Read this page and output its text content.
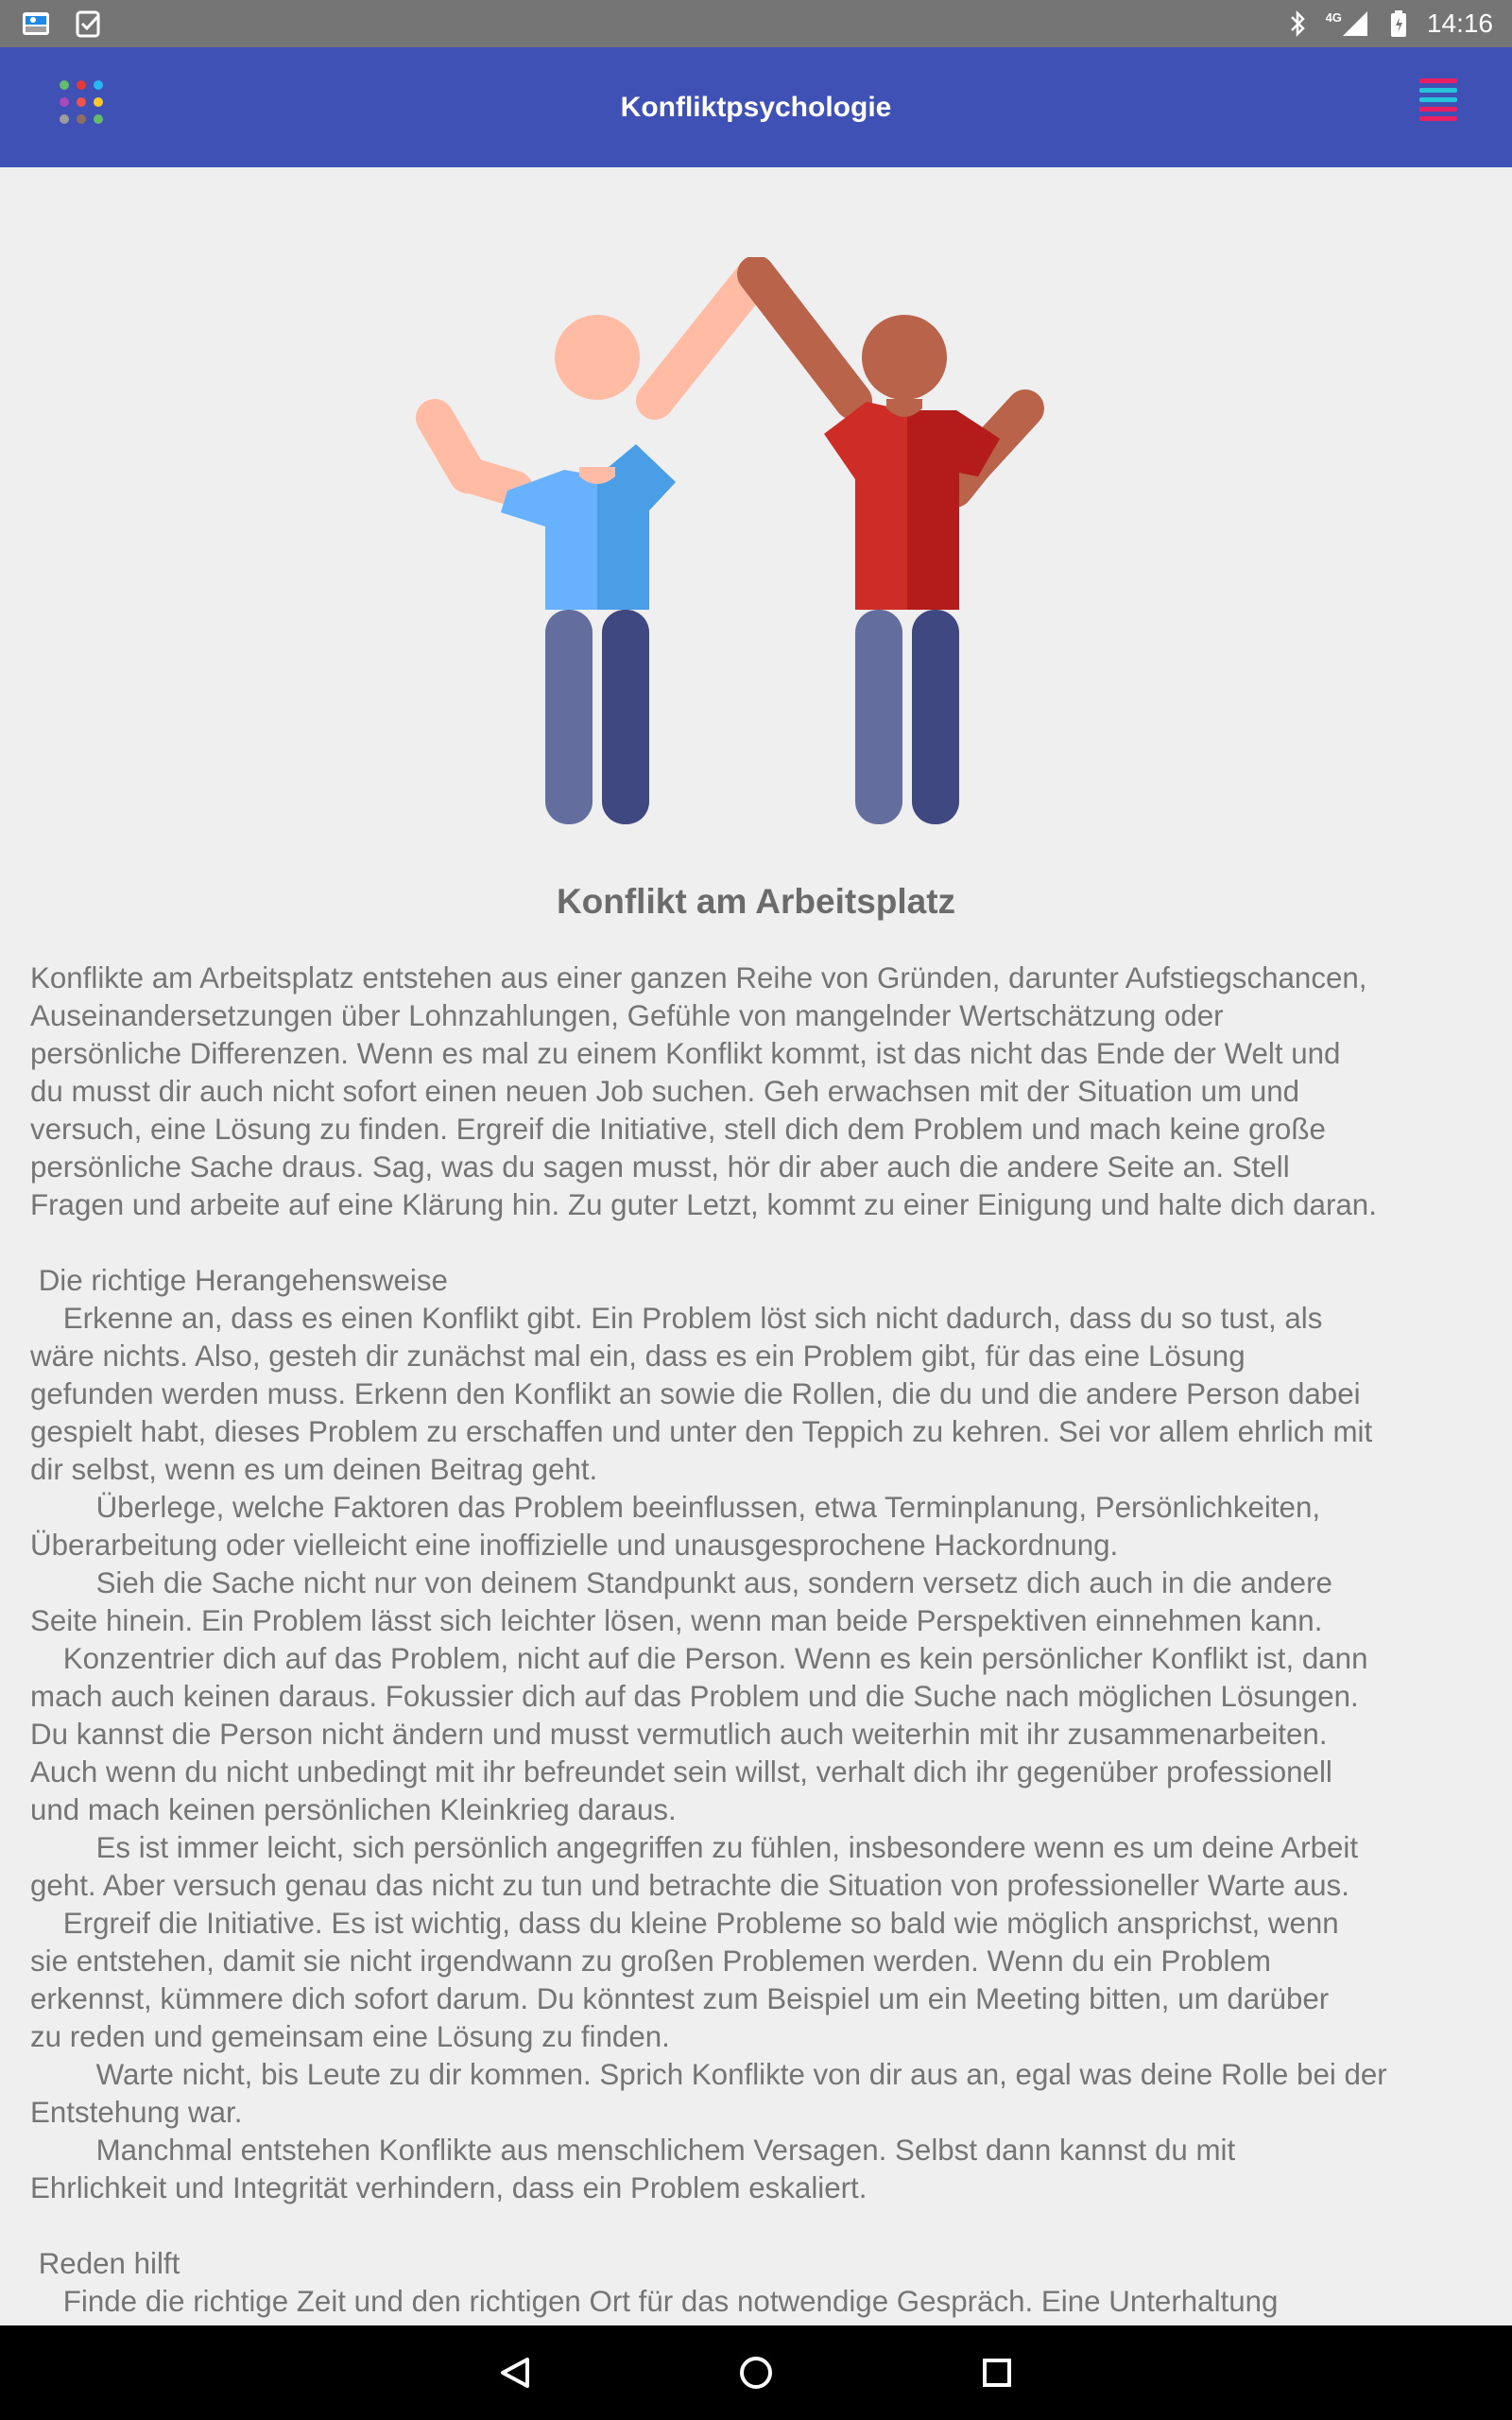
4G	14:16
Konfliktpsychologie
Konflikt am Arbeitsplatz
Konflikte am Arbeitsplatz entstehen aus einer ganzen Reihe von Gründen, darunter Aufstiegschancen,
Auseinandersetzungen über Lohnzahlungen, Gefühle von mangelnder Wertschätzung oder
persönliche Differenzen. Wenn es mal zu einem Konflikt kommt, ist das nicht das Ende der Welt und
du musst dir auch nicht sofort einen neuen Job suchen. Geh erwachsen mit der Situation um und
versuch, eine Lösung zu finden. Ergreif die Initiative, stell dich dem Problem und mach keine große
persönliche Sache draus. Sag, was du sagen musst, hör dir aber auch die andere Seite an. Stell
Fragen und arbeite auf eine Klärung hin. Zu guter Letzt, kommt zu einer Einigung und halte dich daran.

Die richtige Herangehensweise
Erkenne an, dass es einen Konflikt gibt. Ein Problem löst sich nicht dadurch, dass du so tust, als
wäre nichts. Also, gesteh dir zunächst mal ein, dass es ein Problem gibt, für das eine Lösung
gefunden werden muss. Erkenn den Konflikt an sowie die Rollen, die du und die andere Person dabei
gespielt habt, dieses Problem zu erschaffen und unter den Teppich zu kehren. Sei vor allem ehrlich mit
dir selbst, wenn es um deinen Beitrag geht.
Überlege, welche Faktoren das Problem beeinflussen, etwa Terminplanung, Persönlichkeiten,
Überarbeitung oder vielleicht eine inoffizielle und unausgesprochene Hackordnung.
Sieh die Sache nicht nur von deinem Standpunkt aus, sondern versetz dich auch in die andere
Seite hinein. Ein Problem lässt sich leichter lösen, wenn man beide Perspektiven einnehmen kann.
Konzentrier dich auf das Problem, nicht auf die Person. Wenn es kein persönlicher Konflikt ist, dann
mach auch keinen daraus. Fokussier dich auf das Problem und die Suche nach möglichen Lösungen.
Du kannst die Person nicht ändern und musst vermutlich auch weiterhin mit ihr zusammenarbeiten.
Auch wenn du nicht unbedingt mit ihr befreundet sein willst, verhalt dich ihr gegenüber professionell
und mach keinen persönlichen Kleinkrieg daraus.
Es ist immer leicht, sich persönlich angegriffen zu fühlen, insbesondere wenn es um deine Arbeit
geht. Aber versuch genau das nicht zu tun und betrachte die Situation von professioneller Warte aus.
Ergreif die Initiative. Es ist wichtig, dass du kleine Probleme so bald wie möglich ansprichst, wenn
sie entstehen, damit sie nicht irgendwann zu großen Problemen werden. Wenn du ein Problem
erkennst, kümmere dich sofort darum. Du könntest zum Beispiel um ein Meeting bitten, um darüber
zu reden und gemeinsam eine Lösung zu finden.
Warte nicht, bis Leute zu dir kommen. Sprich Konflikte von dir aus an, egal was deine Rolle bei der
Entstehung war.
Manchmal entstehen Konflikte aus menschlichem Versagen. Selbst dann kannst du mit
Ehrlichkeit und Integrität verhindern, dass ein Problem eskaliert.

Reden hilft
Finde die richtige Zeit und den richtigen Ort für das notwendige Gespräch. Eine Unterhaltung
